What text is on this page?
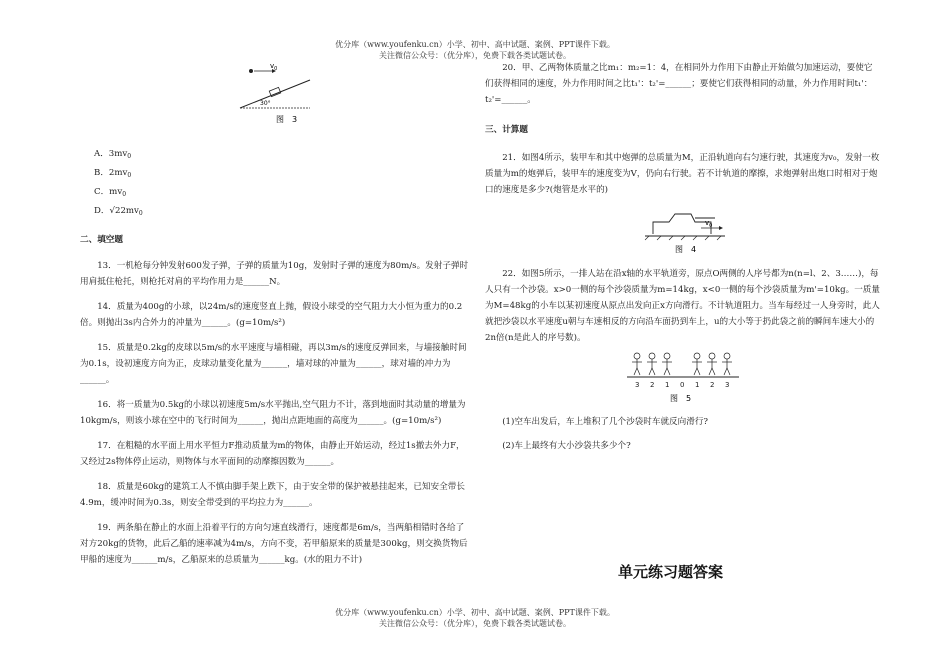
优分库（www.youfenku.cn）小学、初中、高中试题、案例、PPT课件下载。
关注微信公众号：（优分库），免费下载各类试题试卷。
$v_0$
30°
图　3

A．$3mv_0$

B．$2mv_0$

C．$mv_0$

D．$√22mv_0$

二、填空题

13．一机枪每分钟发射600发子弹，子弹的质量为10g，发射时子弹的速度为80m/s。发射子弹时用肩抵住枪托，则枪托对肩的平均作用力是______N。

14．质量为400g的小球，以24m/s的速度竖直上抛，假设小球受的空气阻力大小恒为重力的0.2倍。则抛出3s内合外力的冲量为______。(g=10m/s²)

15．质量是0.2kg的皮球以5m/s的水平速度与墙相碰，再以3m/s的速度反弹回来，与墙接触时间为0.1s，设初速度方向为正，皮球动量变化量为______，墙对球的冲量为______，球对墙的冲力为______。

16．将一质量为0.5kg的小球以初速度5m/s水平抛出,空气阻力不计，落到地面时其动量的增量为10kgm/s，则该小球在空中的飞行时间为______，抛出点距地面的高度为______。(g=10m/s²)

17．在粗糙的水平面上用水平恒力F推动质量为m的物体，由静止开始运动，经过1s撤去外力F，又经过2s物体停止运动，则物体与水平面间的动摩擦因数为______。

18．质量是60kg的建筑工人不慎由脚手架上跌下，由于安全带的保护被悬挂起来，已知安全带长4.9m，缓冲时间为0.3s，则安全带受到的平均拉力为______。

19．两条船在静止的水面上沿着平行的方向匀速直线滑行，速度都是6m/s，当两船相错时各给了对方20kg的货物，此后乙船的速率减为4m/s，方向不变，若甲船原来的质量是300kg，则交换货物后甲船的速度为______m/s，乙船原来的总质量为______kg。(水的阻力不计)

20．甲、乙两物体质量之比m₁：m₂=1：4，在相同外力作用下由静止开始做匀加速运动，要使它们获得相同的速度，外力作用时间之比t₁'：t₂'=______；要使它们获得相同的动量，外力作用时间t₁'：t₂'=______。

三、计算题

21．如图4所示，装甲车和其中炮弹的总质量为M，正沿轨道向右匀速行驶，其速度为v₀，发射一枚质量为m的炮弹后，装甲车的速度变为V，仍向右行驶。若不计轨道的摩擦，求炮弹射出炮口时相对于炮口的速度是多少?(炮管是水平的)

$v_0$
图　4

22．如图5所示，一排人站在沿x轴的水平轨道旁，原点O两侧的人序号都为n(n=l、2、3……)，每人只有一个沙袋。x>0一侧的每个沙袋质量为m=14kg，x<0一侧的每个沙袋质量为m'=10kg。一质量为M=48kg的小车以某初速度从原点出发向正x方向滑行。不计轨道阻力。当车每经过一人身旁时，此人就把沙袋以水平速度u朝与车速相反的方向沿车面扔到车上，u的大小等于扔此袋之前的瞬间车速大小的2n倍(n是此人的序号数)。

3 2 1 0 1 2 3
图　5

(1)空车出发后，车上堆积了几个沙袋时车就反向滑行?

(2)车上最终有大小沙袋共多少个?

单元练习题答案
优分库（www.youfenku.cn）小学、初中、高中试题、案例、PPT课件下载。
关注微信公众号：（优分库），免费下载各类试题试卷。
